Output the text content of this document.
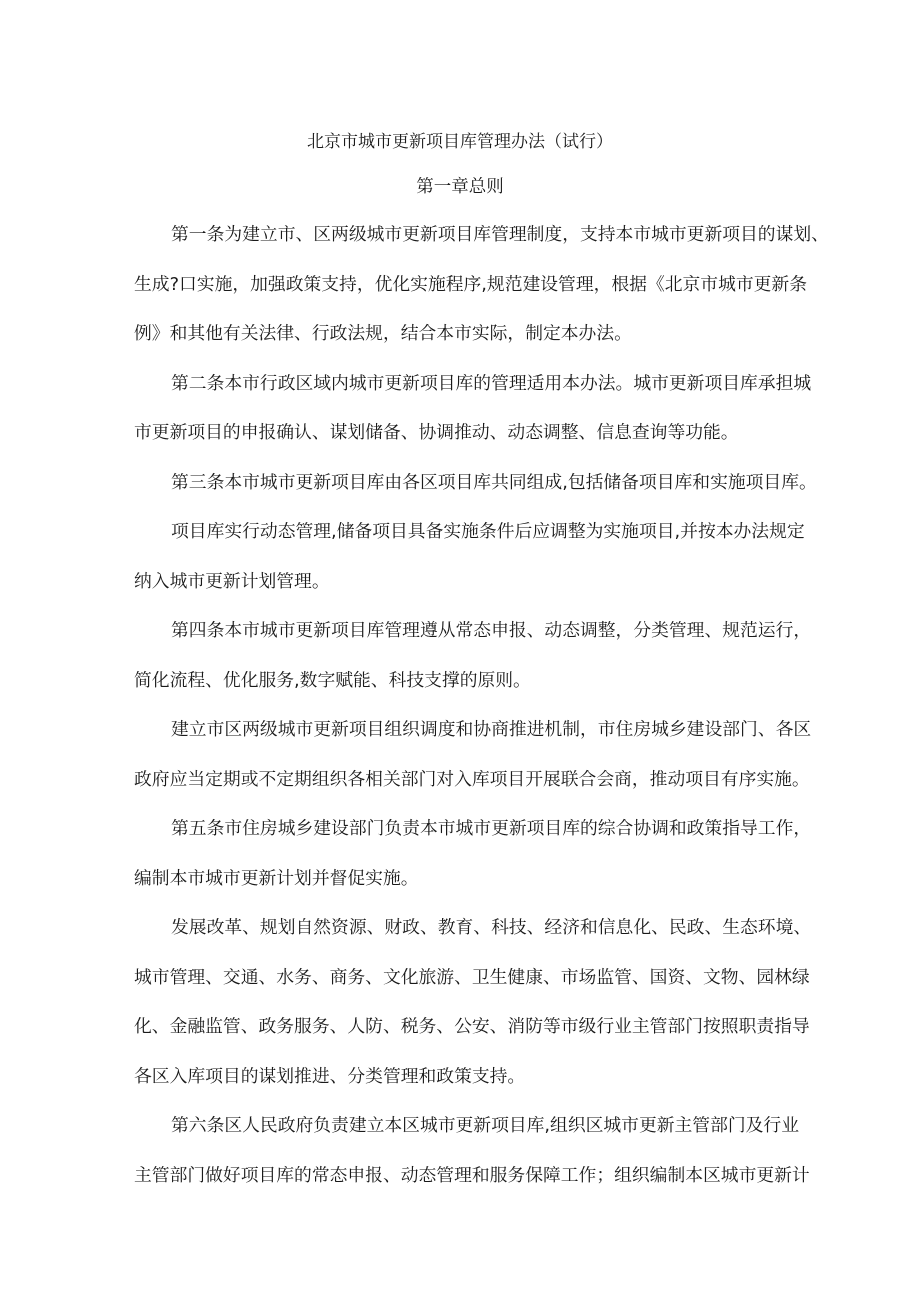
北京市城市更新项目库管理办法（试行）
第一章总则
第一条为建立市、区两级城市更新项目库管理制度，支持本市城市更新项目的谋划、
生成?口实施，加强政策支持，优化实施程序,规范建设管理，根据《北京市城市更新条
例》和其他有关法律、行政法规，结合本市实际，制定本办法。
第二条本市行政区域内城市更新项目库的管理适用本办法。城市更新项目库承担城
市更新项目的申报确认、谋划储备、协调推动、动态调整、信息查询等功能。
第三条本市城市更新项目库由各区项目库共同组成,包括储备项目库和实施项目库。
项目库实行动态管理,储备项目具备实施条件后应调整为实施项目,并按本办法规定
纳入城市更新计划管理。
第四条本市城市更新项目库管理遵从常态申报、动态调整，分类管理、规范运行，
简化流程、优化服务,数字赋能、科技支撑的原则。
建立市区两级城市更新项目组织调度和协商推进机制，市住房城乡建设部门、各区
政府应当定期或不定期组织各相关部门对入库项目开展联合会商，推动项目有序实施。
第五条市住房城乡建设部门负责本市城市更新项目库的综合协调和政策指导工作，
编制本市城市更新计划并督促实施。
发展改革、规划自然资源、财政、教育、科技、经济和信息化、民政、生态环境、
城市管理、交通、水务、商务、文化旅游、卫生健康、市场监管、国资、文物、园林绿
化、金融监管、政务服务、人防、税务、公安、消防等市级行业主管部门按照职责指导
各区入库项目的谋划推进、分类管理和政策支持。
第六条区人民政府负责建立本区城市更新项目库,组织区城市更新主管部门及行业
主管部门做好项目库的常态申报、动态管理和服务保障工作；组织编制本区城市更新计
